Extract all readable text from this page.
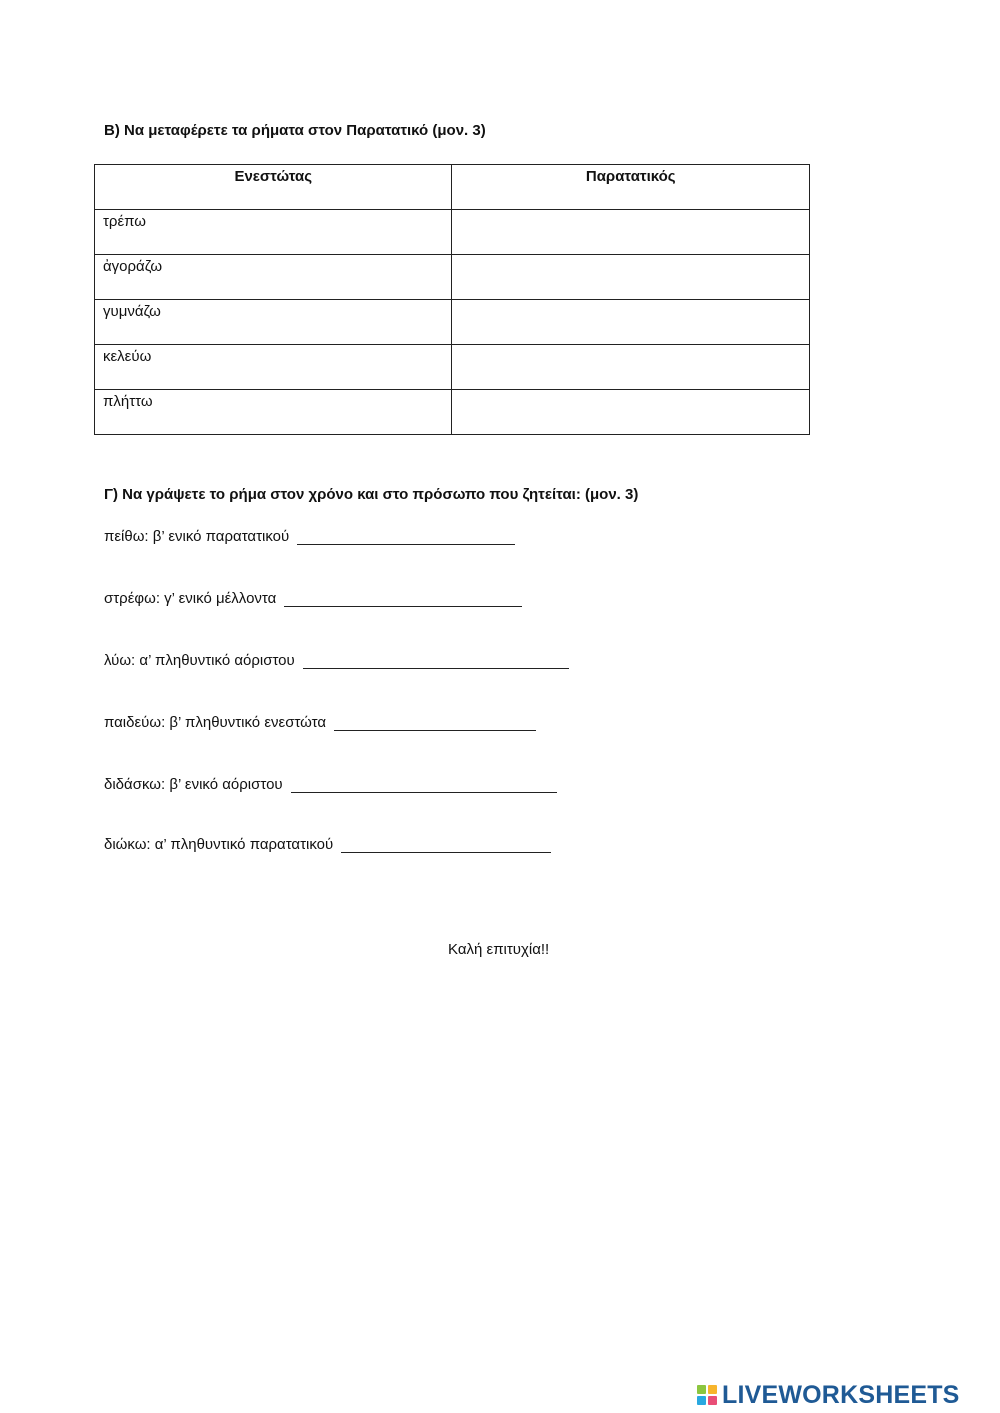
Β) Να μεταφέρετε τα ρήματα στον Παρατατικό (μον. 3)
Ενεστώτας	Παρατατικός
τρέπω	
ἀγοράζω	
γυμνάζω	
κελεύω	
πλήττω	
Γ) Να γράψετε το ρήμα στον χρόνο και στο πρόσωπο που ζητείται: (μον. 3)

πείθω: β’ ενικό παρατατικού

στρέφω: γ’ ενικό μέλλοντα

λύω: α’ πληθυντικό αόριστου

παιδεύω: β’ πληθυντικό ενεστώτα

διδάσκω: β’ ενικό αόριστου

διώκω: α’ πληθυντικό παρατατικού

Καλή επιτυχία!!

LIVEWORKSHEETS
